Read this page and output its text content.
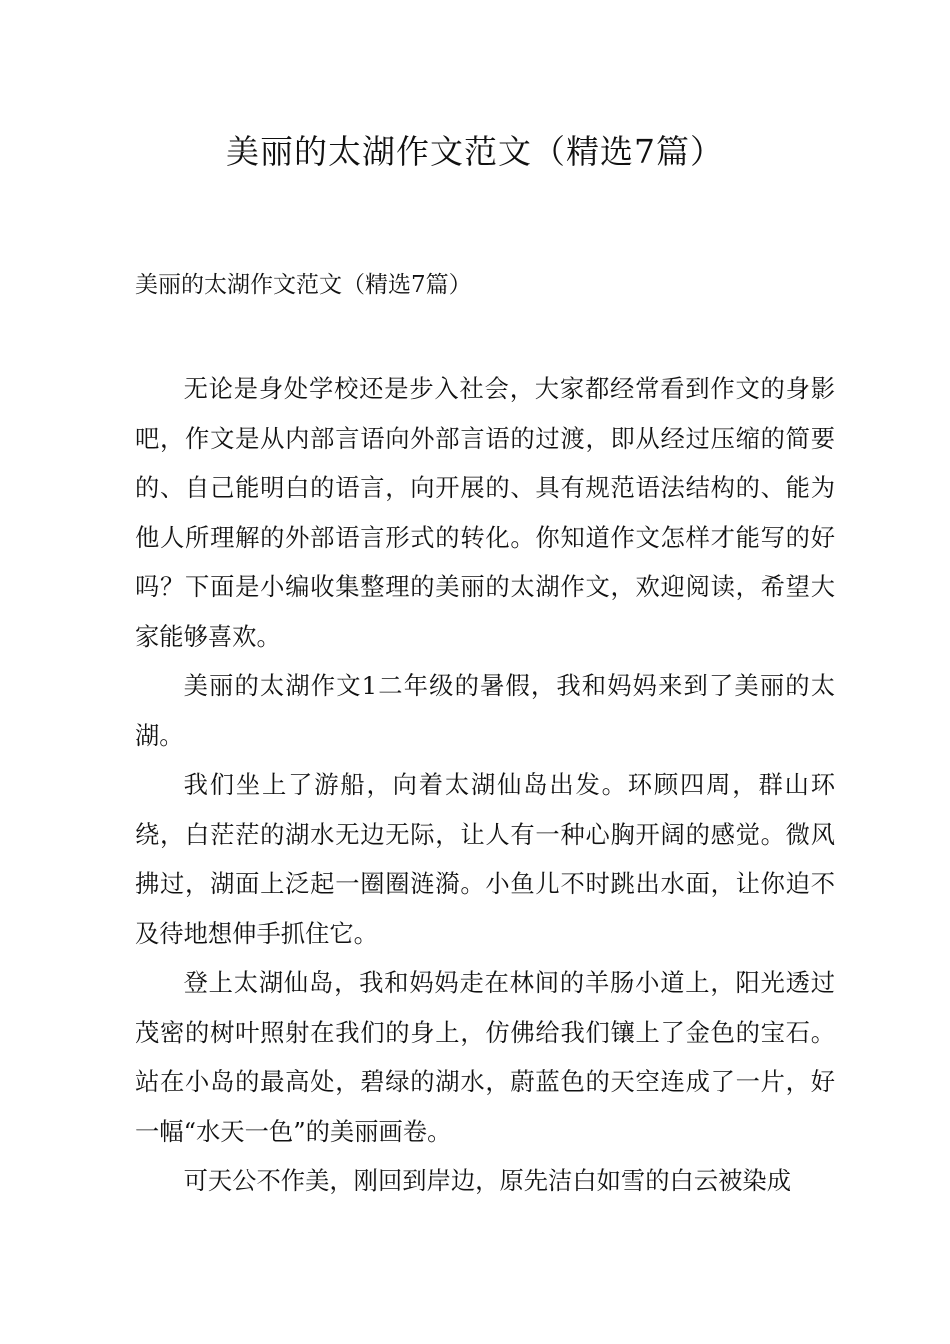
美丽的太湖作文范文（精选7篇）

美丽的太湖作文范文（精选7篇）

无论是身处学校还是步入社会，大家都经常看到作文的身影吧，作文是从内部言语向外部言语的过渡，即从经过压缩的简要的、自己能明白的语言，向开展的、具有规范语法结构的、能为他人所理解的外部语言形式的转化。你知道作文怎样才能写的好吗？下面是小编收集整理的美丽的太湖作文，欢迎阅读，希望大家能够喜欢。

美丽的太湖作文1二年级的暑假，我和妈妈来到了美丽的太湖。

我们坐上了游船，向着太湖仙岛出发。环顾四周，群山环绕，白茫茫的湖水无边无际，让人有一种心胸开阔的感觉。微风拂过，湖面上泛起一圈圈涟漪。小鱼儿不时跳出水面，让你迫不及待地想伸手抓住它。

登上太湖仙岛，我和妈妈走在林间的羊肠小道上，阳光透过茂密的树叶照射在我们的身上，仿佛给我们镶上了金色的宝石。站在小岛的最高处，碧绿的湖水，蔚蓝色的天空连成了一片，好一幅“水天一色”的美丽画卷。

可天公不作美，刚回到岸边，原先洁白如雪的白云被染成
